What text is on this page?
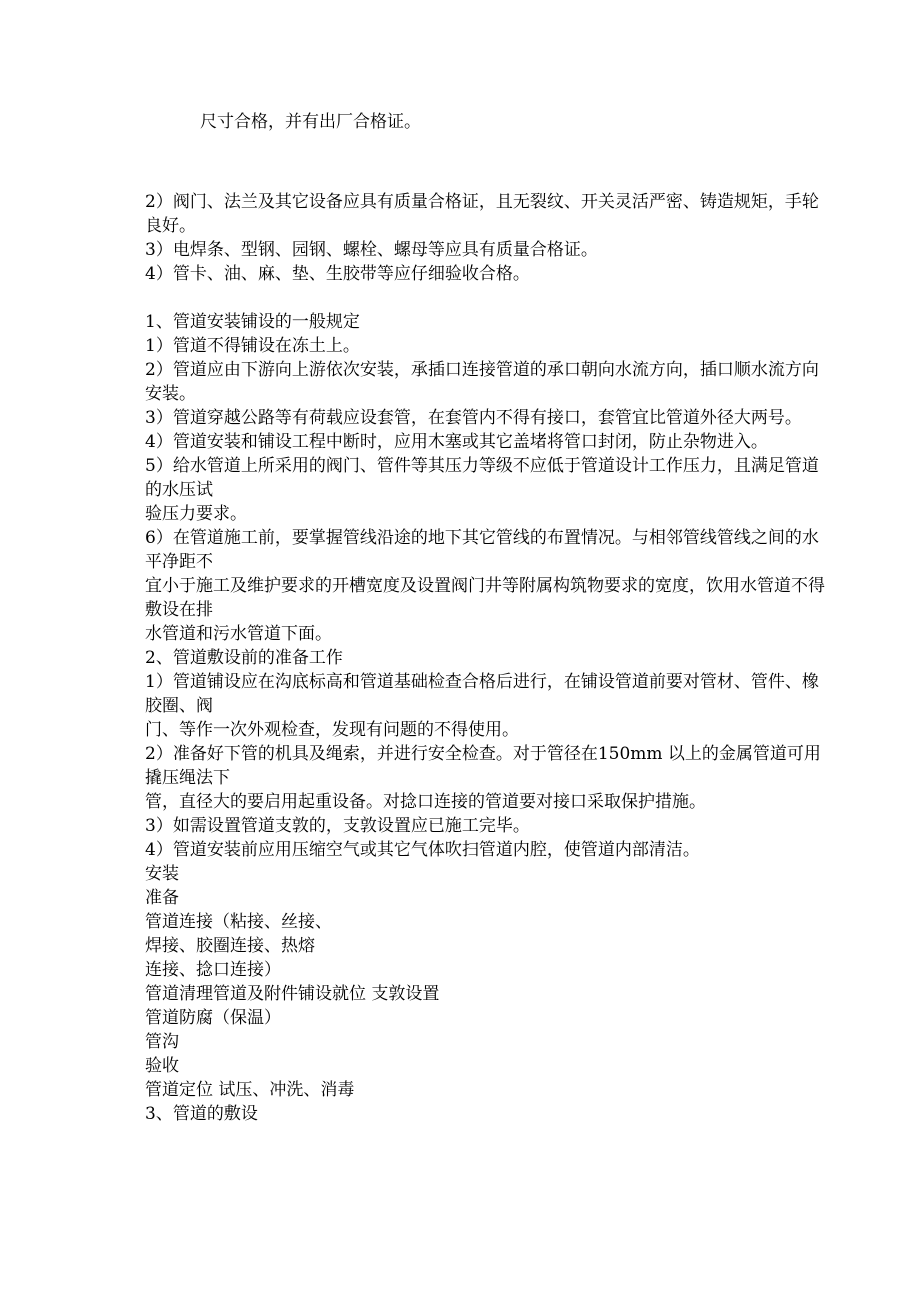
尺寸合格，并有出厂合格证。

2）阀门、法兰及其它设备应具有质量合格证，且无裂纹、开关灵活严密、铸造规矩，手轮良好。

3）电焊条、型钢、园钢、螺栓、螺母等应具有质量合格证。

4）管卡、油、麻、垫、生胶带等应仔细验收合格。

1、管道安装铺设的一般规定

1）管道不得铺设在冻土上。

2）管道应由下游向上游依次安装，承插口连接管道的承口朝向水流方向，插口顺水流方向安装。

3）管道穿越公路等有荷载应设套管，在套管内不得有接口，套管宜比管道外径大两号。

4）管道安装和铺设工程中断时，应用木塞或其它盖堵将管口封闭，防止杂物进入。

5）给水管道上所采用的阀门、管件等其压力等级不应低于管道设计工作压力，且满足管道的水压试

验压力要求。

6）在管道施工前，要掌握管线沿途的地下其它管线的布置情况。与相邻管线管线之间的水平净距不

宜小于施工及维护要求的开槽宽度及设置阀门井等附属构筑物要求的宽度，饮用水管道不得敷设在排

水管道和污水管道下面。

2、管道敷设前的准备工作

1）管道铺设应在沟底标高和管道基础检查合格后进行，在铺设管道前要对管材、管件、橡胶圈、阀

门、等作一次外观检查，发现有问题的不得使用。

2）准备好下管的机具及绳索，并进行安全检查。对于管径在150mm 以上的金属管道可用撬压绳法下

管，直径大的要启用起重设备。对捻口连接的管道要对接口采取保护措施。

3）如需设置管道支敦的，支敦设置应已施工完毕。

4）管道安装前应用压缩空气或其它气体吹扫管道内腔，使管道内部清洁。

安装

准备

管道连接（粘接、丝接、

焊接、胶圈连接、热熔

连接、捻口连接）

管道清理管道及附件铺设就位 支敦设置

管道防腐（保温）

管沟

验收

管道定位 试压、冲洗、消毒

3、管道的敷设
